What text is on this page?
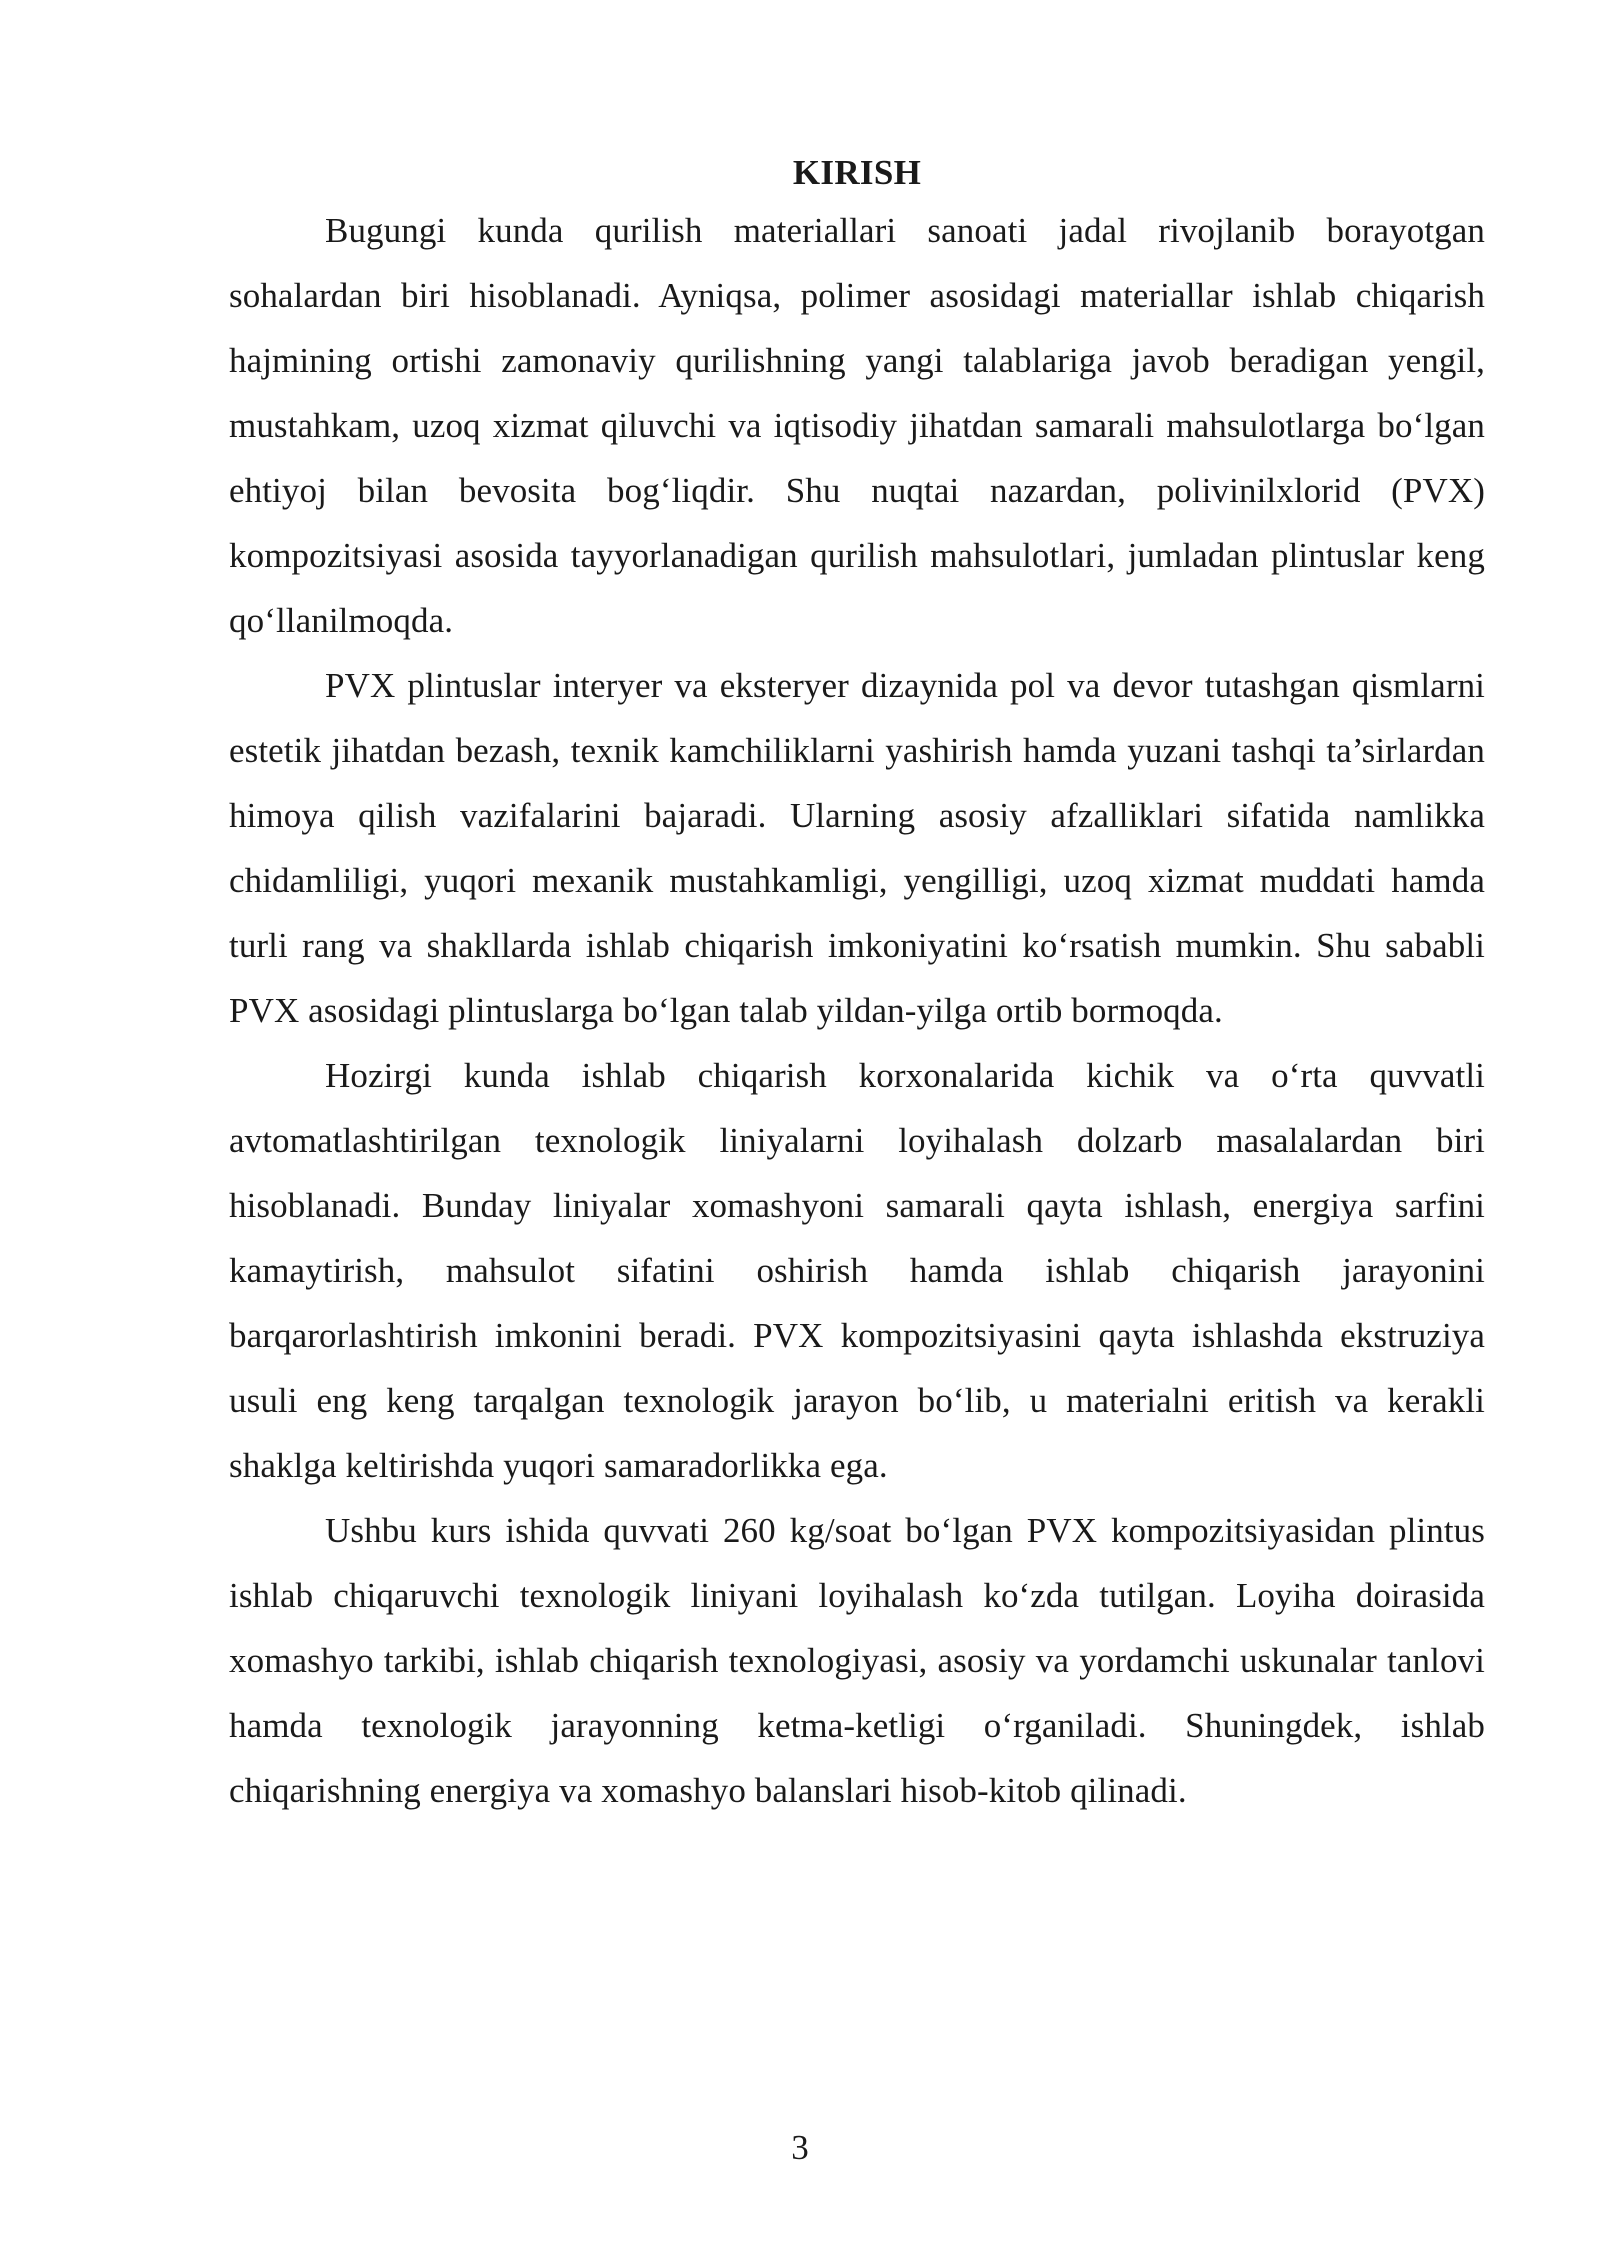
KIRISH

Bugungi kunda qurilish materiallari sanoati jadal rivojlanib borayotgan sohalardan biri hisoblanadi. Ayniqsa, polimer asosidagi materiallar ishlab chiqarish hajmining ortishi zamonaviy qurilishning yangi talablariga javob beradigan yengil, mustahkam, uzoq xizmat qiluvchi va iqtisodiy jihatdan samarali mahsulotlarga bo‘lgan ehtiyoj bilan bevosita bog‘liqdir. Shu nuqtai nazardan, polivinilxlorid (PVX) kompozitsiyasi asosida tayyorlanadigan qurilish mahsulotlari, jumladan plintuslar keng qo‘llanilmoqda.

PVX plintuslar interyer va eksteryer dizaynida pol va devor tutashgan qismlarni estetik jihatdan bezash, texnik kamchiliklarni yashirish hamda yuzani tashqi ta’sirlardan himoya qilish vazifalarini bajaradi. Ularning asosiy afzalliklari sifatida namlikka chidamliligi, yuqori mexanik mustahkamligi, yengilligi, uzoq xizmat muddati hamda turli rang va shakllarda ishlab chiqarish imkoniyatini ko‘rsatish mumkin. Shu sababli PVX asosidagi plintuslarga bo‘lgan talab yildan-yilga ortib bormoqda.

Hozirgi kunda ishlab chiqarish korxonalarida kichik va o‘rta quvvatli avtomatlashtirilgan texnologik liniyalarni loyihalash dolzarb masalalardan biri hisoblanadi. Bunday liniyalar xomashyoni samarali qayta ishlash, energiya sarfini kamaytirish, mahsulot sifatini oshirish hamda ishlab chiqarish jarayonini barqarorlashtirish imkonini beradi. PVX kompozitsiyasini qayta ishlashda ekstruziya usuli eng keng tarqalgan texnologik jarayon bo‘lib, u materialni eritish va kerakli shaklga keltirishda yuqori samaradorlikka ega.

Ushbu kurs ishida quvvati 260 kg/soat bo‘lgan PVX kompozitsiyasidan plintus ishlab chiqaruvchi texnologik liniyani loyihalash ko‘zda tutilgan. Loyiha doirasida xomashyo tarkibi, ishlab chiqarish texnologiyasi, asosiy va yordamchi uskunalar tanlovi hamda texnologik jarayonning ketma-ketligi o‘rganiladi. Shuningdek, ishlab chiqarishning energiya va xomashyo balanslari hisob-kitob qilinadi.

3
